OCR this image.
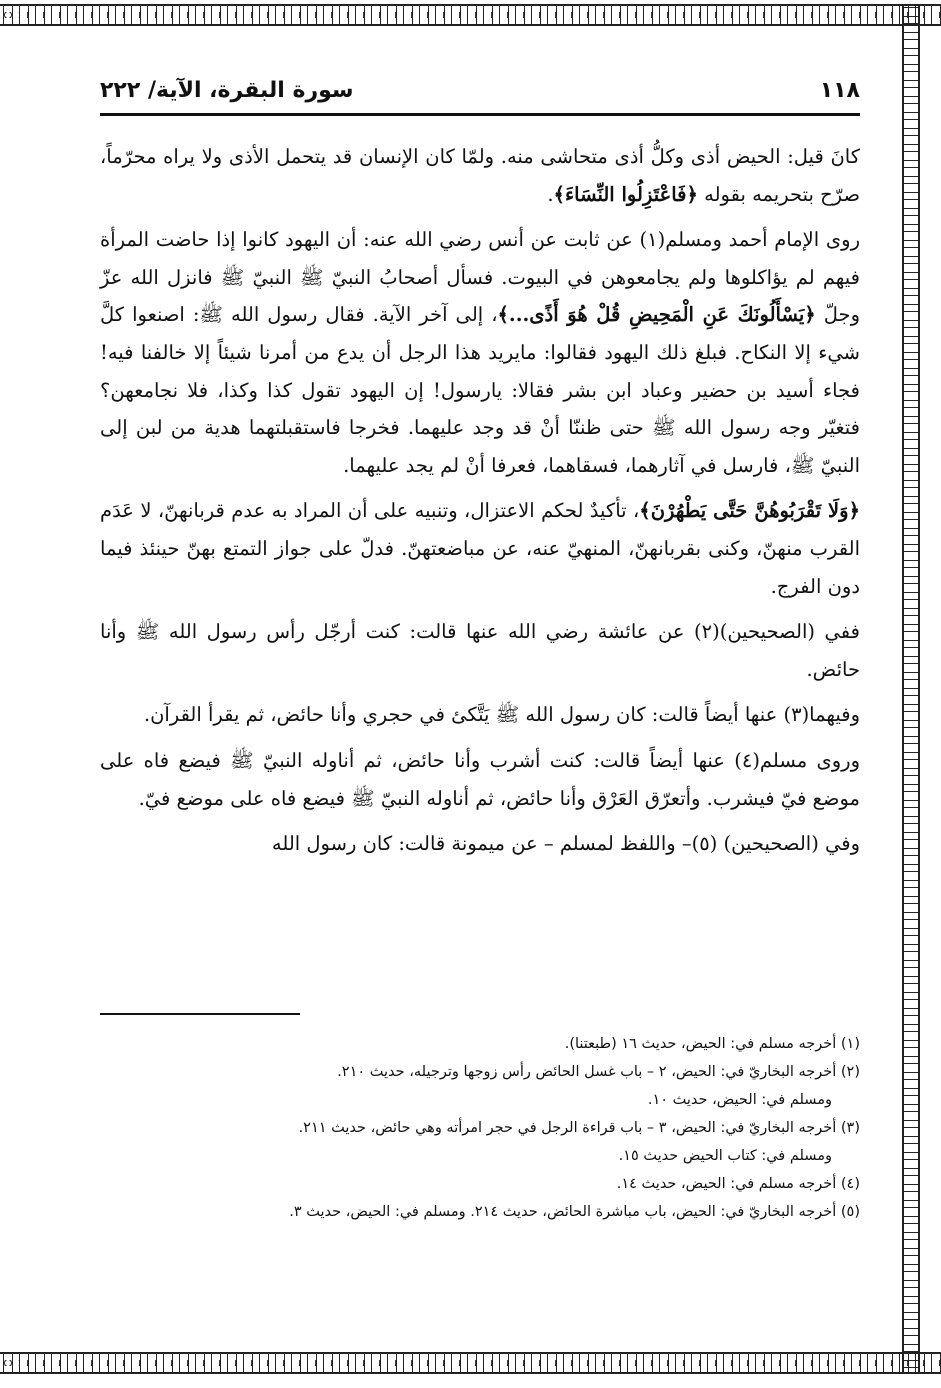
١١٨
سورة البقرة، الآية/ ٢٢٢

كانَ قيل: الحيض أذى وكلُّ أذى متحاشى منه. ولمّا كان الإنسان قد يتحمل الأذى ولا يراه محرّماً، صرّح بتحريمه بقوله ﴿فَاعْتَزِلُوا النِّسَاءَ﴾.

روى الإمام أحمد ومسلم(١) عن ثابت عن أنس رضي الله عنه: أن اليهود كانوا إذا حاضت المرأة فيهم لم يؤاكلوها ولم يجامعوهن في البيوت. فسأل أصحابُ النبيّ ﷺ النبيّ ﷺ فانزل الله عزّ وجلّ ﴿يَسْأَلُونَكَ عَنِ الْمَحِيضِ قُلْ هُوَ أَذًى...﴾، إلى آخر الآية. فقال رسول الله ﷺ: اصنعوا كلَّ شيء إلا النكاح. فبلغ ذلك اليهود فقالوا: مايريد هذا الرجل أن يدع من أمرنا شيئاً إلا خالفنا فيه! فجاء أسيد بن حضير وعباد ابن بشر فقالا: يارسول! إن اليهود تقول كذا وكذا، فلا نجامعهن؟ فتغيّر وجه رسول الله ﷺ حتى ظننّا أنْ قد وجد عليهما. فخرجا فاستقبلتهما هدية من لبن إلى النبيّ ﷺ، فارسل في آثارهما، فسقاهما، فعرفا أنْ لم يجد عليهما.

﴿وَلَا تَقْرَبُوهُنَّ حَتَّى يَطْهُرْنَ﴾، تأكيدٌ لحكم الاعتزال، وتنبيه على أن المراد به عدم قربانهنّ، لا عَدَم القرب منهنّ، وكنى بقربانهنّ، المنهيّ عنه، عن مباضعتهنّ. فدلّ على جواز التمتع بهنّ حينئذ فيما دون الفرج.

ففي (الصحيحين)(٢) عن عائشة رضي الله عنها قالت: كنت أرجّل رأس رسول الله ﷺ وأنا حائض.

وفيهما(٣) عنها أيضاً قالت: كان رسول الله ﷺ يَتَّكئ في حجري وأنا حائض، ثم يقرأ القرآن.

وروى مسلم(٤) عنها أيضاً قالت: كنت أشرب وأنا حائض، ثم أناوله النبيّ ﷺ فيضع فاه على موضع فيّ فيشرب. وأتعرّق العَرْق وأنا حائض، ثم أناوله النبيّ ﷺ فيضع فاه على موضع فيّ.

وفي (الصحيحين) (٥)– واللفظ لمسلم – عن ميمونة قالت: كان رسول الله

(١) أخرجه مسلم في: الحيض، حديث ١٦ (طبعتنا).
(٢) أخرجه البخاريّ في: الحيض، ٢ – باب غسل الحائض رأس زوجها وترجيله، حديث ٢١٠.
ومسلم في: الحيض، حديث ١٠.
(٣) أخرجه البخاريّ في: الحيض، ٣ – باب قراءة الرجل في حجر امرأته وهي حائض، حديث ٢١١.
ومسلم في: كتاب الحيض حديث ١٥.
(٤) أخرجه مسلم في: الحيض، حديث ١٤.
(٥) أخرجه البخاريّ في: الحيض، باب مباشرة الحائض، حديث ٢١٤. ومسلم في: الحيض، حديث ٣.
